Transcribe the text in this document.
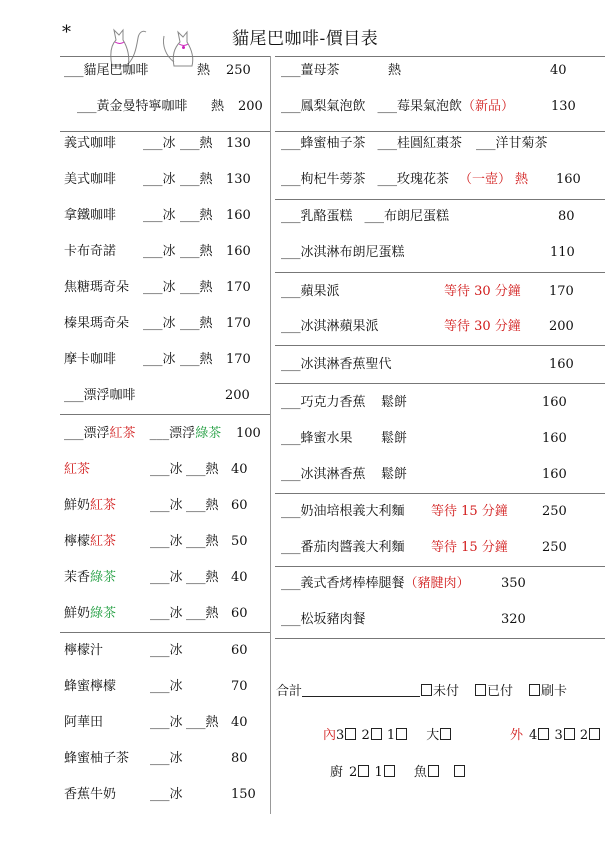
*	貓尾巴咖啡-價目表
___貓尾巴咖啡	熱 250
___黃金曼特寧咖啡 熱 200
義式咖啡 ___冰 ___熱 130
美式咖啡 ___冰 ___熱 130
拿鐵咖啡 ___冰 ___熱 160
卡布奇諾 ___冰 ___熱 160
焦糖瑪奇朵 ___冰 ___熱 170
榛果瑪奇朵 ___冰 ___熱 170
摩卡咖啡 ___冰 ___熱 170
___漂浮咖啡	200
___漂浮紅茶 ___漂浮綠茶 100
紅茶	___冰 ___熱 40
鮮奶紅茶	___冰 ___熱 60
檸檬紅茶	___冰 ___熱 50
茉香綠茶	___冰 ___熱 40
鮮奶綠茶	___冰 ___熱 60
檸檬汁	___冰	60
蜂蜜檸檬	___冰	70
阿華田	___冰 ___熱 40
蜂蜜柚子茶 ___冰	80
香蕉牛奶	___冰	150
___薑母茶	熱	40
___鳳梨氣泡飲 ___莓果氣泡飲（新品）	130
___蜂蜜柚子茶 ___桂圓紅棗茶 ___洋甘菊茶
___枸杞牛蒡茶 ___玫瑰花茶 （一壺） 熱 160
___乳酪蛋糕 ___布朗尼蛋糕	80
___冰淇淋布朗尼蛋糕	110
___蘋果派	等待 30 分鐘 170
___冰淇淋蘋果派	等待 30 分鐘 200
___冰淇淋香蕉聖代	160
___巧克力香蕉 鬆餅	160
___蜂蜜水果 鬆餅	160
___冰淇淋香蕉 鬆餅	160
___奶油培根義大利麵 等待 15 分鐘	250
___番茄肉醬義大利麵 等待 15 分鐘	250
___義式香烤棒棒腿餐（豬腱肉） 350
___松坂豬肉餐	320
合計	未付 已付 刷卡
內3 2 1 大	外 4 3 2
廚 2 1 魚
